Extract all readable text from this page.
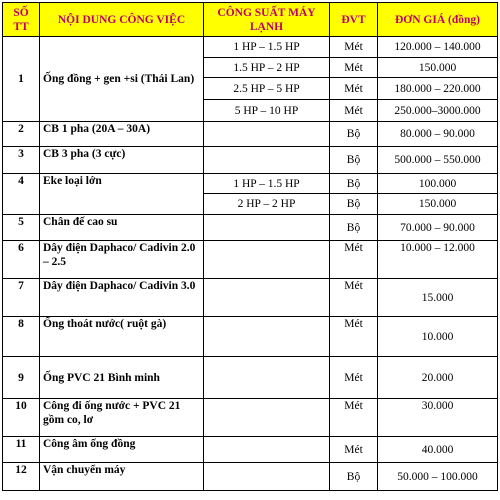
SỐ TT	NỘI DUNG CÔNG VIỆC	CÔNG SUẤT MÁY LẠNH	ĐVT	ĐƠN GIÁ (đồng)
1	Ống đồng + gen +si (Thái Lan)	1 HP – 1.5 HP	Mét	120.000 – 140.000
		1.5 HP – 2 HP	Mét	150.000
		2.5 HP – 5 HP	Mét	180.000 – 220.000
		5 HP – 10 HP	Mét	250.000–3000.000
2	CB 1 pha (20A – 30A)		Bộ	80.000 – 90.000
3	CB 3 pha (3 cực)		Bộ	500.000 – 550.000
4	Eke loại lớn	1 HP – 1.5 HP	Bộ	100.000
		2 HP – 2 HP	Bộ	150.000
5	Chân đế cao su		Bộ	70.000 – 90.000
6	Dây điện Daphaco/ Cadivin 2.0 – 2.5		Mét	10.000 – 12.000
7	Dây điện Daphaco/ Cadivin 3.0		Mét	15.000
8	Ống thoát nước( ruột gà)		Mét	10.000
9	Ống PVC 21 Bình minh		Mét	20.000
10	Công đi ống nước + PVC 21 gồm co, lơ		Mét	30.000
11	Công âm ống đồng		Mét	40.000
12	Vận chuyển máy		Bộ	50.000 – 100.000
